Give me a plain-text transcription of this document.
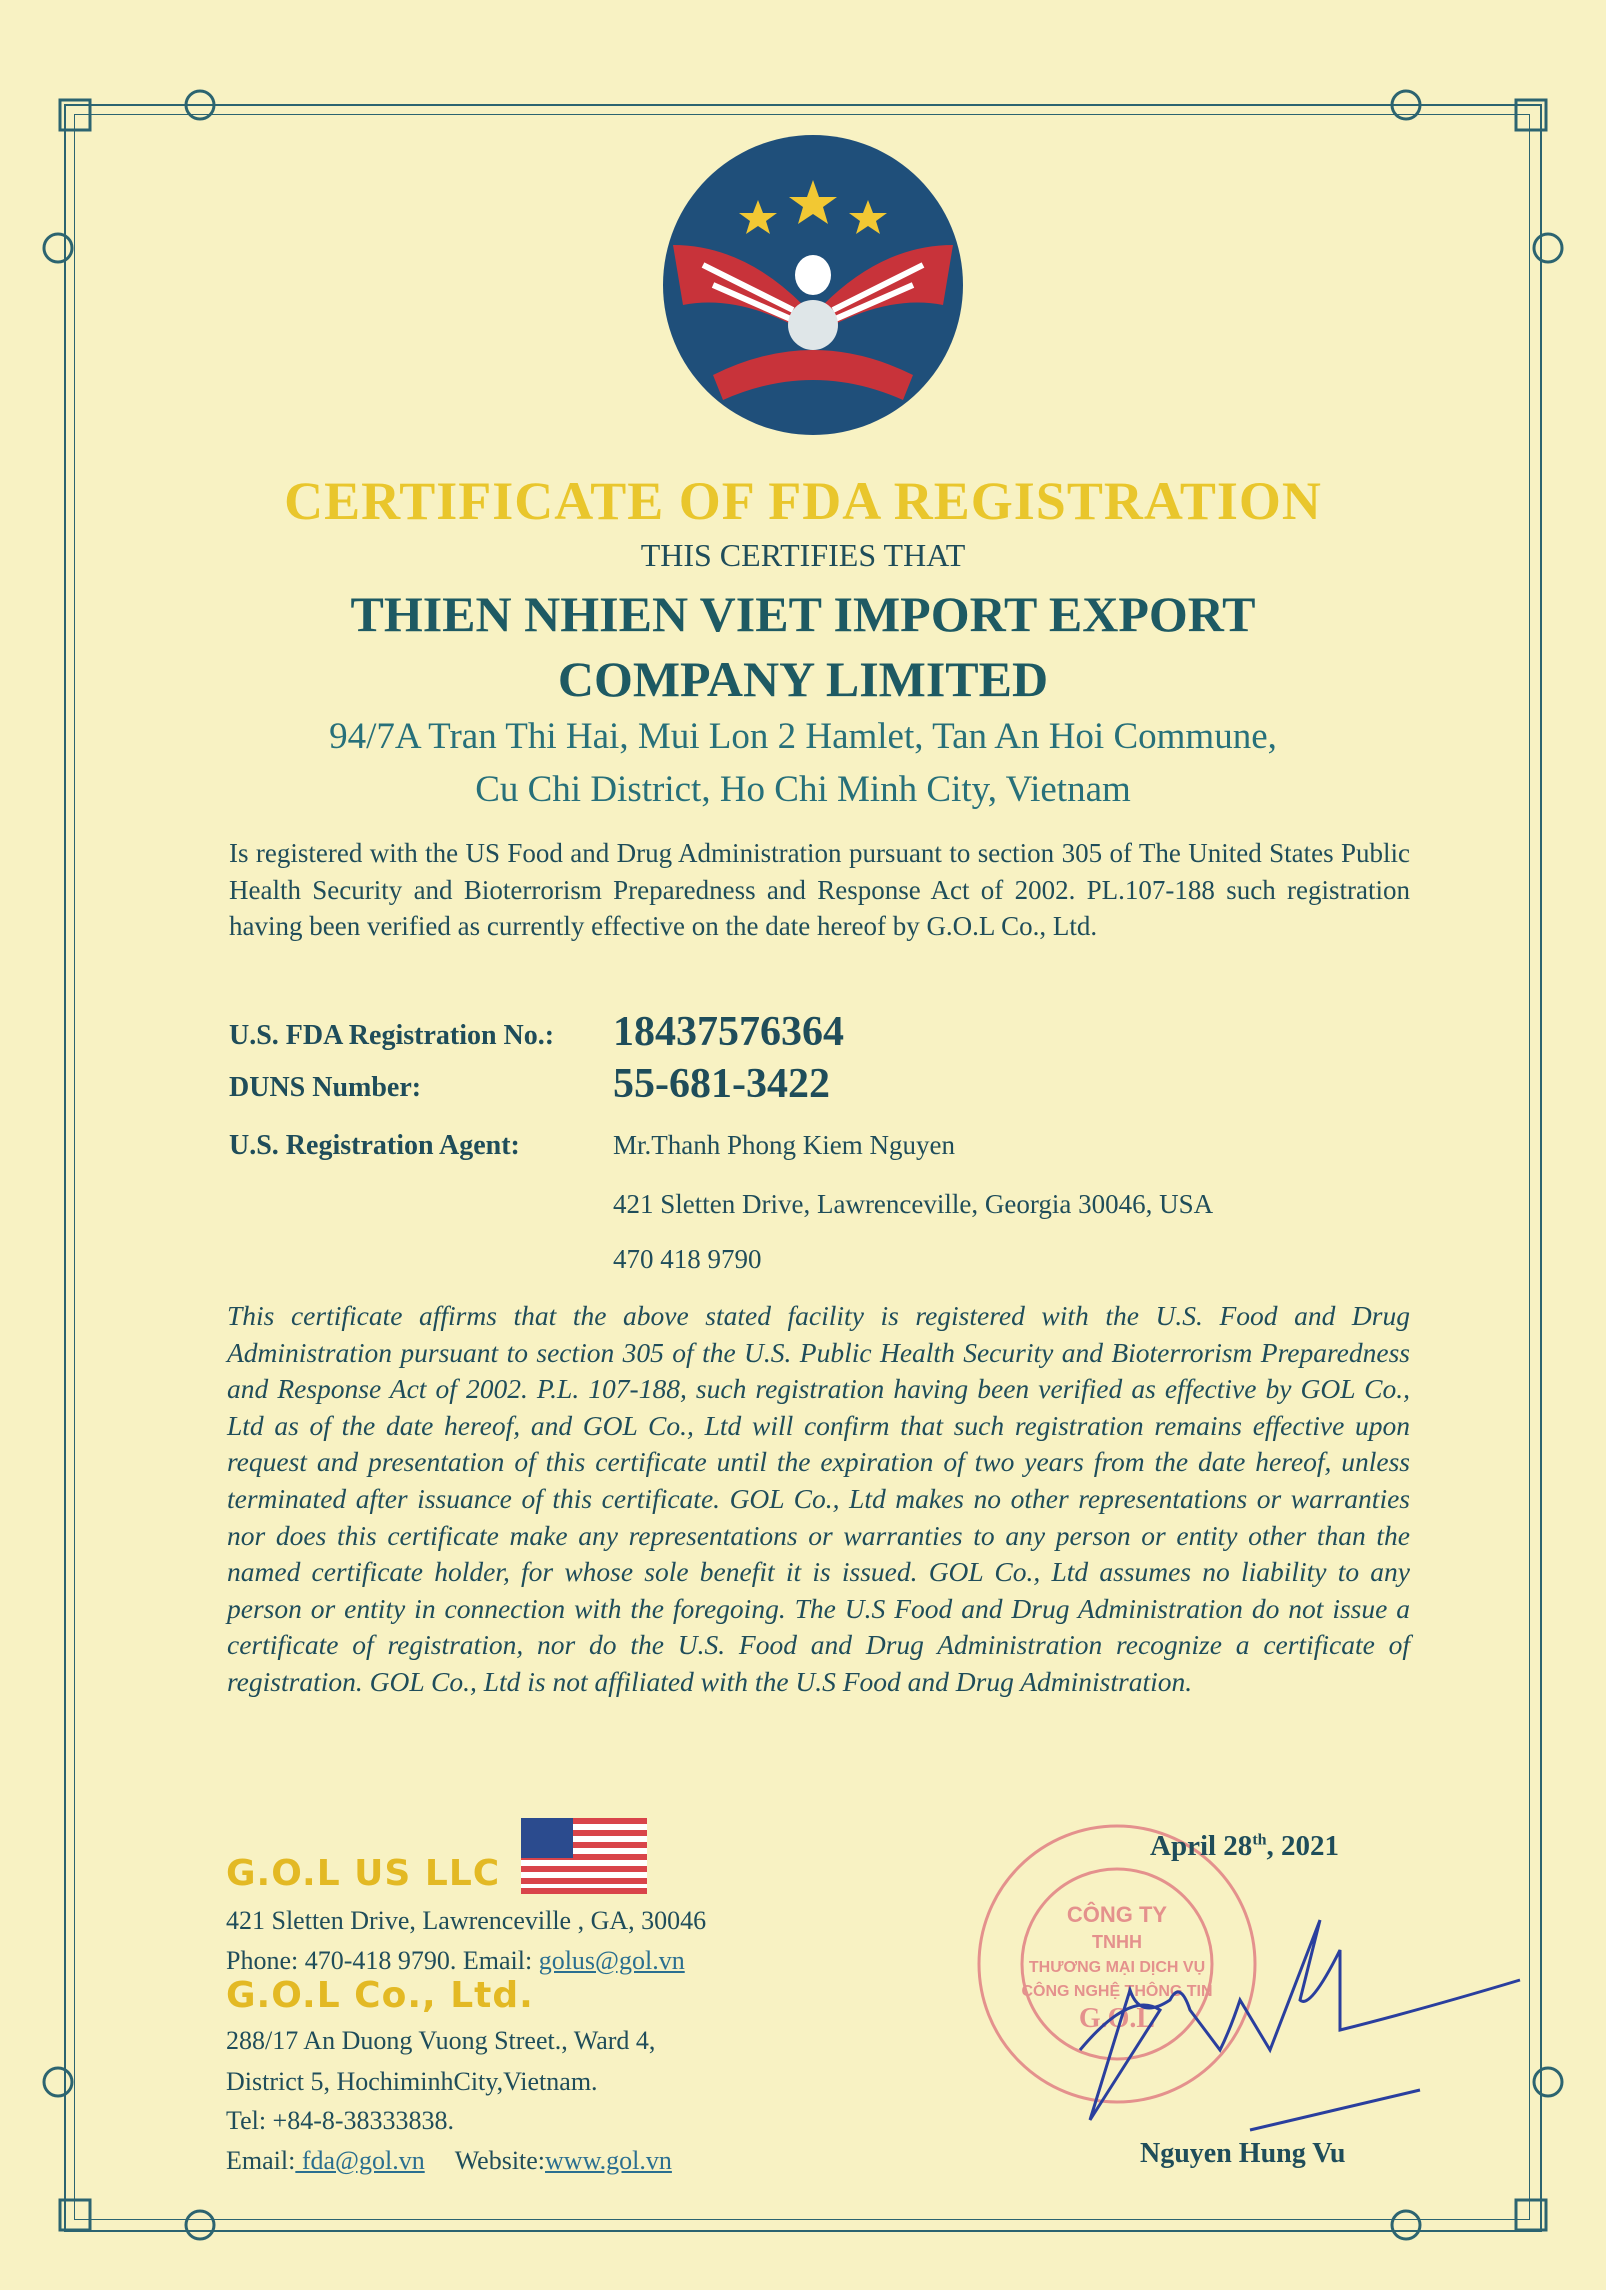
CERTIFICATE OF FDA REGISTRATION
THIS CERTIFIES THAT
THIEN NHIEN VIET IMPORT EXPORT
COMPANY LIMITED
94/7A Tran Thi Hai, Mui Lon 2 Hamlet, Tan An Hoi Commune,
Cu Chi District, Ho Chi Minh City, Vietnam
Is registered with the US Food and Drug Administration pursuant to section 305 of The United States Public Health Security and Bioterrorism Preparedness and Response Act of 2002. PL.107-188 such registration having been verified as currently effective on the date hereof by G.O.L Co., Ltd.
U.S. FDA Registration No.: 18437576364
DUNS Number:	55-681-3422
U.S. Registration Agent:	Mr.Thanh Phong Kiem Nguyen
421 Sletten Drive, Lawrenceville, Georgia 30046, USA
470 418 9790
This certificate affirms that the above stated facility is registered with the U.S. Food and Drug Administration pursuant to section 305 of the U.S. Public Health Security and Bioterrorism Preparedness and Response Act of 2002. P.L. 107-188, such registration having been verified as effective by GOL Co., Ltd as of the date hereof, and GOL Co., Ltd will confirm that such registration remains effective upon request and presentation of this certificate until the expiration of two years from the date hereof, unless terminated after issuance of this certificate. GOL Co., Ltd makes no other representations or warranties nor does this certificate make any representations or warranties to any person or entity other than the named certificate holder, for whose sole benefit it is issued. GOL Co., Ltd assumes no liability to any person or entity in connection with the foregoing. The U.S Food and Drug Administration do not issue a certificate of registration, nor do the U.S. Food and Drug Administration recognize a certificate of registration. GOL Co., Ltd is not affiliated with the U.S Food and Drug Administration.
G.O.L US LLC
421 Sletten Drive, Lawrenceville , GA, 30046
Phone: 470-418 9790. Email: golus@gol.vn
G.O.L Co., Ltd.
288/17 An Duong Vuong Street., Ward 4,
District 5, HochiminhCity,Vietnam.
Tel: +84-8-38333838.
Email: fda@gol.vn Website:www.gol.vn
CÔNG TY
TNHH
THƯƠNG MẠI DỊCH VỤ
CÔNG NGHỆ THÔNG TIN
G.O.L
April 28th, 2021
Nguyen Hung Vu
